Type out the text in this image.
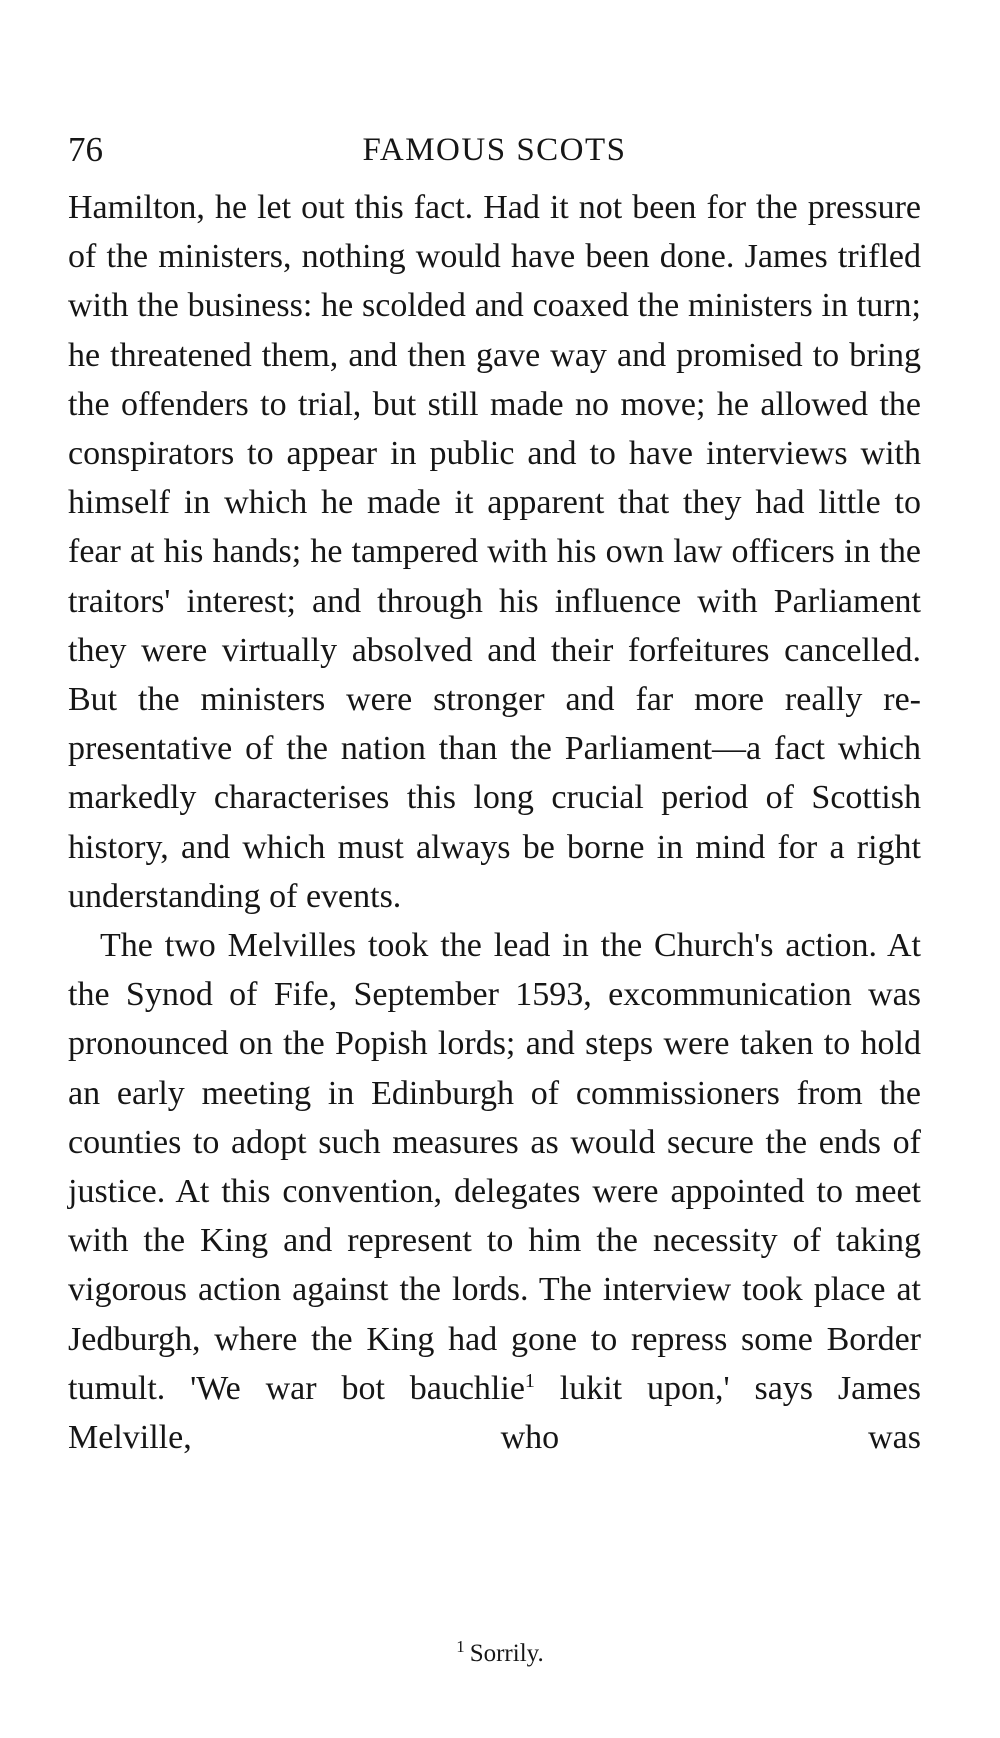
76	FAMOUS SCOTS

Hamilton, he let out this fact. Had it not been for the pressure of the ministers, nothing would have been done. James trifled with the business: he scolded and coaxed the ministers in turn; he threatened them, and then gave way and promised to bring the offenders to trial, but still made no move; he allowed the conspirators to appear in public and to have interviews with himself in which he made it apparent that they had little to fear at his hands; he tampered with his own law officers in the traitors' interest; and through his influence with Parliament they were virtually absolved and their forfeitures cancelled. But the ministers were stronger and far more really re-presentative of the nation than the Parliament—a fact which markedly characterises this long crucial period of Scottish history, and which must always be borne in mind for a right understanding of events.

The two Melvilles took the lead in the Church's action. At the Synod of Fife, September 1593, excommunication was pronounced on the Popish lords; and steps were taken to hold an early meeting in Edinburgh of commissioners from the counties to adopt such measures as would secure the ends of justice. At this convention, delegates were appointed to meet with the King and represent to him the necessity of taking vigorous action against the lords. The interview took place at Jedburgh, where the King had gone to repress some Border tumult. 'We war bot bauchlie$^1$ lukit upon,' says James Melville, who was

$^1$ Sorrily.
